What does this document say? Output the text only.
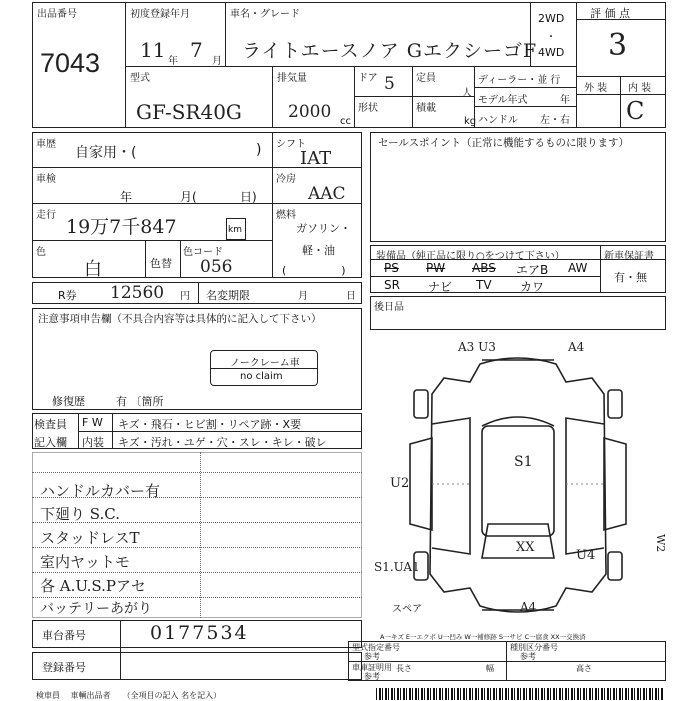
出品番号
7043
初度登録年月
11 年 7 月
車名・グレード
ライトエースノア GエクシーゴF
2WD
・
4WD
評 価 点
3
外 装 内 装
C
型式
GF-SR40G
排気量
2000 cc
ドア 5 定員
人
形状	積載
kg
ディーラー・並 行
モデル年式	年
ハンドル 左・右
車歴
自家用・(	)
車検
年	月(	日)
走行
19万7千847	km
色
白	色替
色コード
056
シフト
IAT
冷房
AAC
燃料
ガソリン・
軽・油
(　　　　　)
R券 12560 円 名変期限	月	日
注意事項申告欄（不具合内容等は具体的に記入して下さい）
ノークレーム車
no claim
修復歴	有 〔箇所
検査員
記入欄
F W キズ・飛石・ヒビ割・リペア跡・X要
内装 キズ・汚れ・ユゲ・穴・スレ・キレ・破レ
ハンドルカバー有
下廻り S.C.
スタッドレスT
室内ヤットモ
各 A.U.S.Pアセ
バッテリーあがり
セールスポイント（正常に機能するものに限ります）
装備品（純正品に限り○をつけて下さい）	新車保証書
PS PW ABS エアB AW
SR ナビ TV カワ
有・無
後日品
A3 U3	A4
S1
U2
XX
U4
S1.UA1
A4
W2
スペア
A一キズ E一エクボ U一凹み W一補修跡 S一サビ C一腐食 XX一交換済
車台番号	0177534
登録番号
型式指定番号
参考
種別区分番号
参考
車庫証明用
参考
長さ	幅	高さ
検車員 　車輌出品者　　（全項目の記入 名を記入）
